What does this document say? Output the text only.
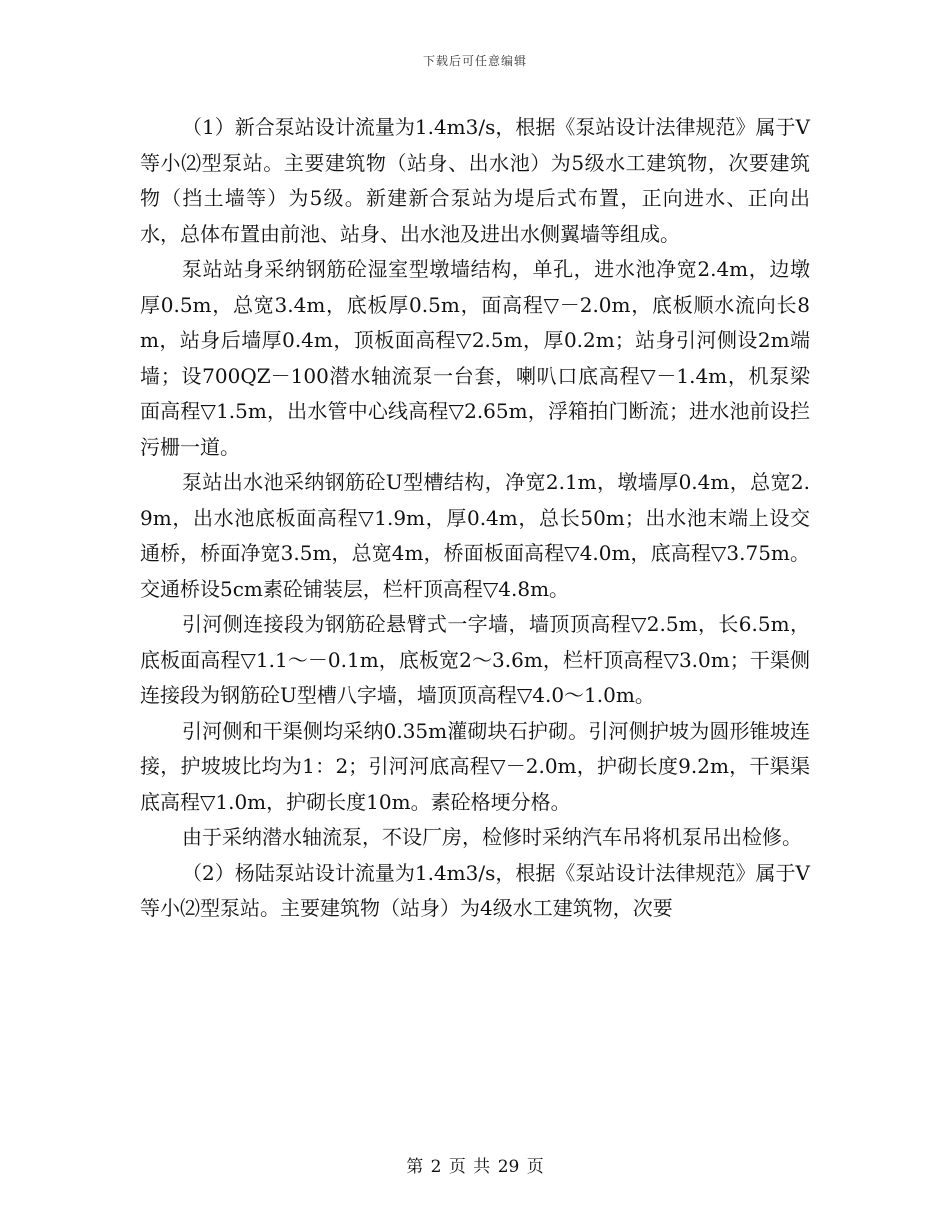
下载后可任意编辑

（1）新合泵站设计流量为1.4m3/s，根据《泵站设计法律规范》属于Ⅴ等小⑵型泵站。主要建筑物（站身、出水池）为5级水工建筑物，次要建筑物（挡土墙等）为5级。新建新合泵站为堤后式布置，正向进水、正向出水，总体布置由前池、站身、出水池及进出水侧翼墙等组成。

泵站站身采纳钢筋砼湿室型墩墙结构，单孔，进水池净宽2.4m，边墩厚0.5m，总宽3.4m，底板厚0.5m，面高程▽－2.0m，底板顺水流向长8m，站身后墙厚0.4m，顶板面高程▽2.5m，厚0.2m；站身引河侧设2m端墙；设700QZ－100潜水轴流泵一台套，喇叭口底高程▽－1.4m，机泵梁面高程▽1.5m，出水管中心线高程▽2.65m，浮箱拍门断流；进水池前设拦污栅一道。

泵站出水池采纳钢筋砼U型槽结构，净宽2.1m，墩墙厚0.4m，总宽2.9m，出水池底板面高程▽1.9m，厚0.4m，总长50m；出水池末端上设交通桥，桥面净宽3.5m，总宽4m，桥面板面高程▽4.0m，底高程▽3.75m。交通桥设5cm素砼铺装层，栏杆顶高程▽4.8m。

引河侧连接段为钢筋砼悬臂式一字墙，墙顶顶高程▽2.5m，长6.5m，底板面高程▽1.1～－0.1m，底板宽2～3.6m，栏杆顶高程▽3.0m；干渠侧连接段为钢筋砼U型槽八字墙，墙顶顶高程▽4.0～1.0m。

引河侧和干渠侧均采纳0.35m灌砌块石护砌。引河侧护坡为圆形锥坡连接，护坡坡比均为1：2；引河河底高程▽－2.0m，护砌长度9.2m，干渠渠底高程▽1.0m，护砌长度10m。素砼格埂分格。

由于采纳潜水轴流泵，不设厂房，检修时采纳汽车吊将机泵吊出检修。

（2）杨陆泵站设计流量为1.4m3/s，根据《泵站设计法律规范》属于Ⅴ等小⑵型泵站。主要建筑物（站身）为4级水工建筑物，次要

第 2 页 共 29 页
